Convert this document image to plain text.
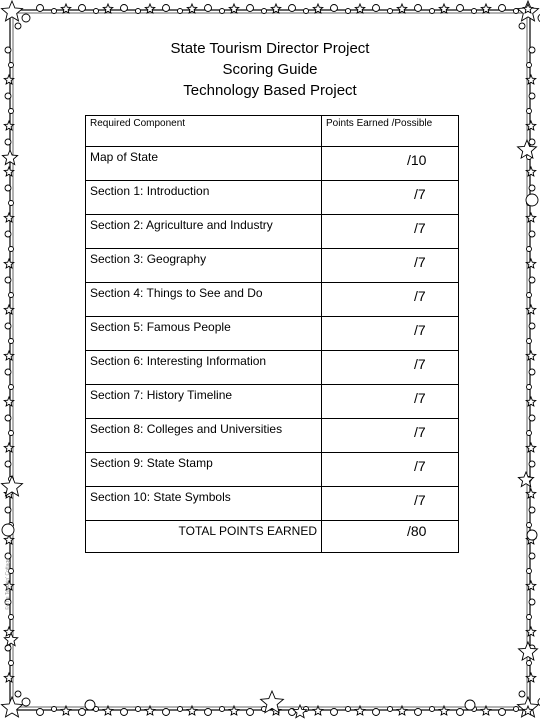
State Tourism Director Project
Scoring Guide
Technology Based Project
Required Component	Points Earned /Possible
Map of State	/10
Section 1: Introduction	/7
Section 2: Agriculture and Industry	/7
Section 3: Geography	/7
Section 4: Things to See and Do	/7
Section 5: Famous People	/7
Section 6: Interesting Information	/7
Section 7: History Timeline	/7
Section 8: Colleges and Universities	/7
Section 9: State Stamp	/7
Section 10: State Symbols	/7
TOTAL POINTS EARNED	/80
© The Teachin' Cottage
